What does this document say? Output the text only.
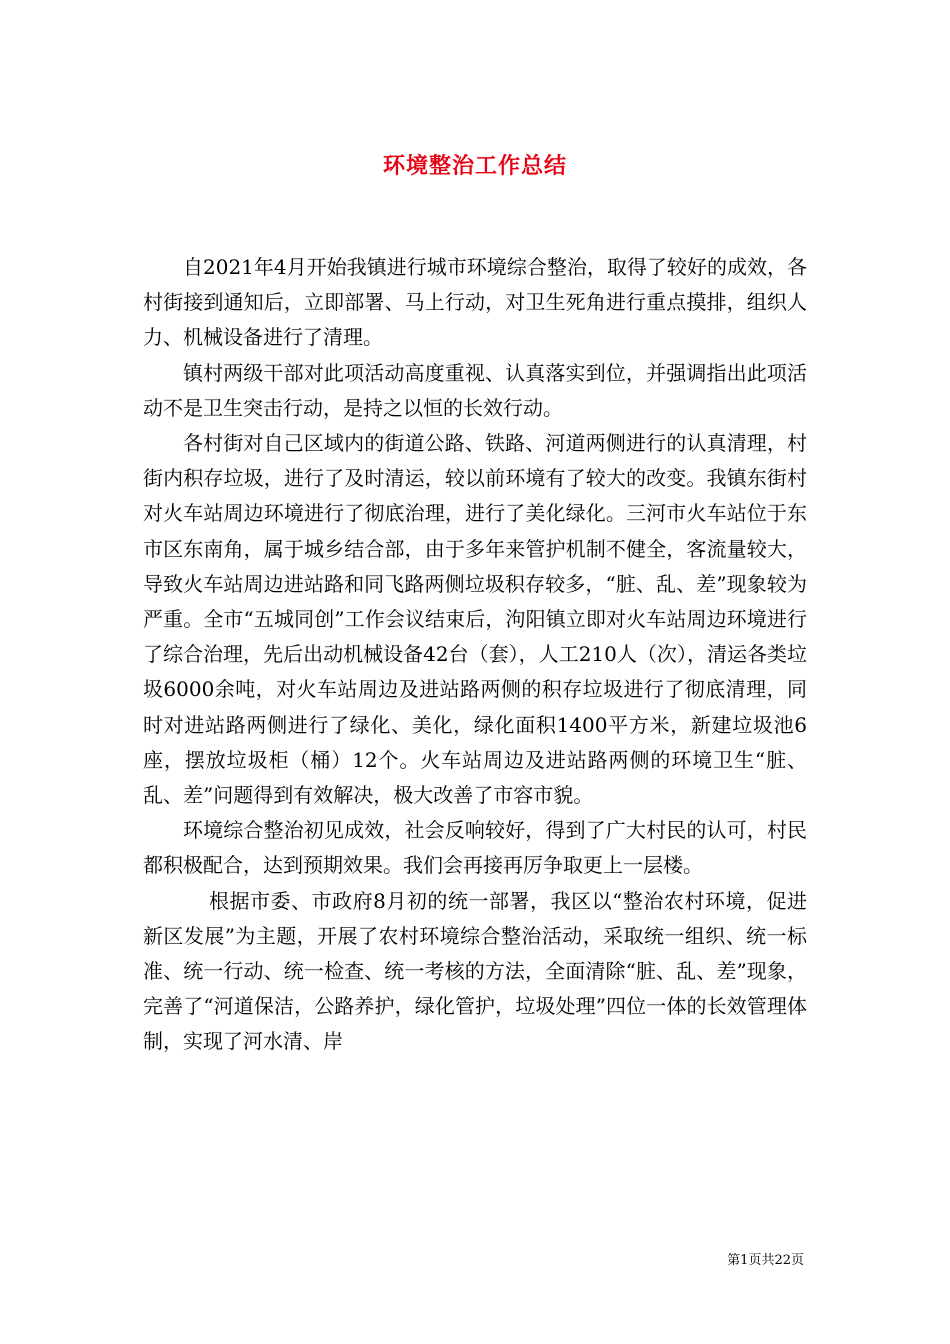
环境整治工作总结

自2021年4月开始我镇进行城市环境综合整治，取得了较好的成效，各村街接到通知后，立即部署、马上行动，对卫生死角进行重点摸排，组织人力、机械设备进行了清理。

镇村两级干部对此项活动高度重视、认真落实到位，并强调指出此项活动不是卫生突击行动，是持之以恒的长效行动。

各村街对自己区域内的街道公路、铁路、河道两侧进行的认真清理，村街内积存垃圾，进行了及时清运，较以前环境有了较大的改变。我镇东街村对火车站周边环境进行了彻底治理，进行了美化绿化。三河市火车站位于东市区东南角，属于城乡结合部，由于多年来管护机制不健全，客流量较大，导致火车站周边进站路和同飞路两侧垃圾积存较多，“脏、乱、差”现象较为严重。全市“五城同创”工作会议结束后，泃阳镇立即对火车站周边环境进行了综合治理，先后出动机械设备42台（套），人工210人（次），清运各类垃圾6000余吨，对火车站周边及进站路两侧的积存垃圾进行了彻底清理，同时对进站路两侧进行了绿化、美化，绿化面积1400平方米，新建垃圾池6座，摆放垃圾柜（桶）12个。火车站周边及进站路两侧的环境卫生“脏、乱、差”问题得到有效解决，极大改善了市容市貌。

环境综合整治初见成效，社会反响较好，得到了广大村民的认可，村民都积极配合，达到预期效果。我们会再接再厉争取更上一层楼。

根据市委、市政府8月初的统一部署，我区以“整治农村环境，促进新区发展”为主题，开展了农村环境综合整治活动，采取统一组织、统一标准、统一行动、统一检查、统一考核的方法，全面清除“脏、乱、差”现象，完善了“河道保洁，公路养护，绿化管护，垃圾处理”四位一体的长效管理体制，实现了河水清、岸

第1页共22页
